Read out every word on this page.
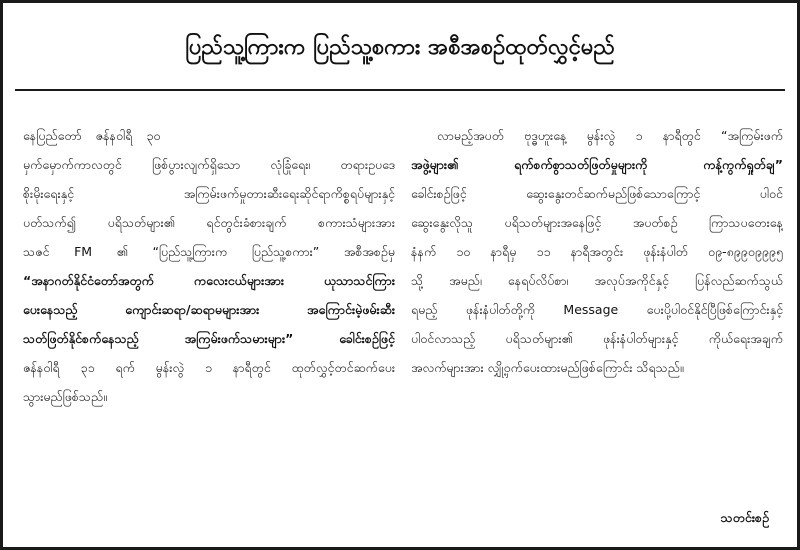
ပြည်သူ့ကြားက ပြည်သူ့စကား အစီအစဉ်ထုတ်လွှင့်မည်
နေပြည်တော် ဇန်နဝါရီ ၃၀
မှက်မှောက်ကာလတွင် ဖြစ်ပွားလျက်ရှိသော လုံခြုံရေး၊ တရားဥပဒေ
စိုးမိုးရေးနှင့် အကြမ်းဖက်မှုတားဆီးရေးဆိုင်ရာကိစ္စရပ်များနှင့်
ပတ်သက်၍ ပရိသတ်များ၏ ရင်တွင်းခံစားချက် စကားသံများအား
သဇင် FM ၏ “ပြည်သူ့ကြားက ပြည်သူ့စကား” အစီအစဉ်မှ
“အနာဂတ်နိုင်ငံတော်အတွက် ကလေးငယ်များအား ယုသာသင်ကြား
ပေးနေသည့် ကျောင်းဆရာ/ဆရာမများအား အကြောင်းမဲ့ဖမ်းဆီး
သတ်ဖြတ်နိုင်စက်နေသည့် အကြမ်းဖက်သမားများ” ခေါင်းစဉ်ဖြင့်
ဇန်နဝါရီ ၃၁ ရက် မွန်းလွဲ ၁ နာရီတွင် ထုတ်လွှင့်တင်ဆက်ပေး
သွားမည်ဖြစ်သည်။
လာမည့်အပတ် ဗုဒ္ဓဟူးနေ့ မွန်းလွဲ ၁ နာရီတွင် “အကြမ်းဖက်
အဖွဲ့များ၏ ရက်စက်စွာသတ်ဖြတ်မှုများကို ကန့်ကွက်ရှုတ်ချ”
ခေါင်းစဉ်ဖြင့် ဆွေးနွေးတင်ဆက်မည်ဖြစ်သောကြောင့် ပါဝင်
ဆွေးနွေးလိုသူ ပရိသတ်များအနေဖြင့် အပတ်စဉ် ကြာသပတေးနေ့
နံနက် ၁၀ နာရီမှ ၁၁ နာရီအတွင်း ဖုန်းနံပါတ် ၀၉-၈၉၉၀၉၉၉၅
သို့ အမည်၊ နေရပ်လိပ်စာ၊ အလုပ်အကိုင်နှင့် ပြန်လည်ဆက်သွယ်
ရမည့် ဖုန်းနံပါတ်တို့ကို Message ပေးပို့ပါဝင်နိုင်ပြီဖြစ်ကြောင်းနှင့်
ပါဝင်လာသည့် ပရိသတ်များ၏ ဖုန်းနံပါတ်များနှင့် ကိုယ်ရေးအချက်
အလက်များအား လျှို့ဝှက်ပေးထားမည်ဖြစ်ကြောင်း သိရသည်။
သတင်းစဉ်
